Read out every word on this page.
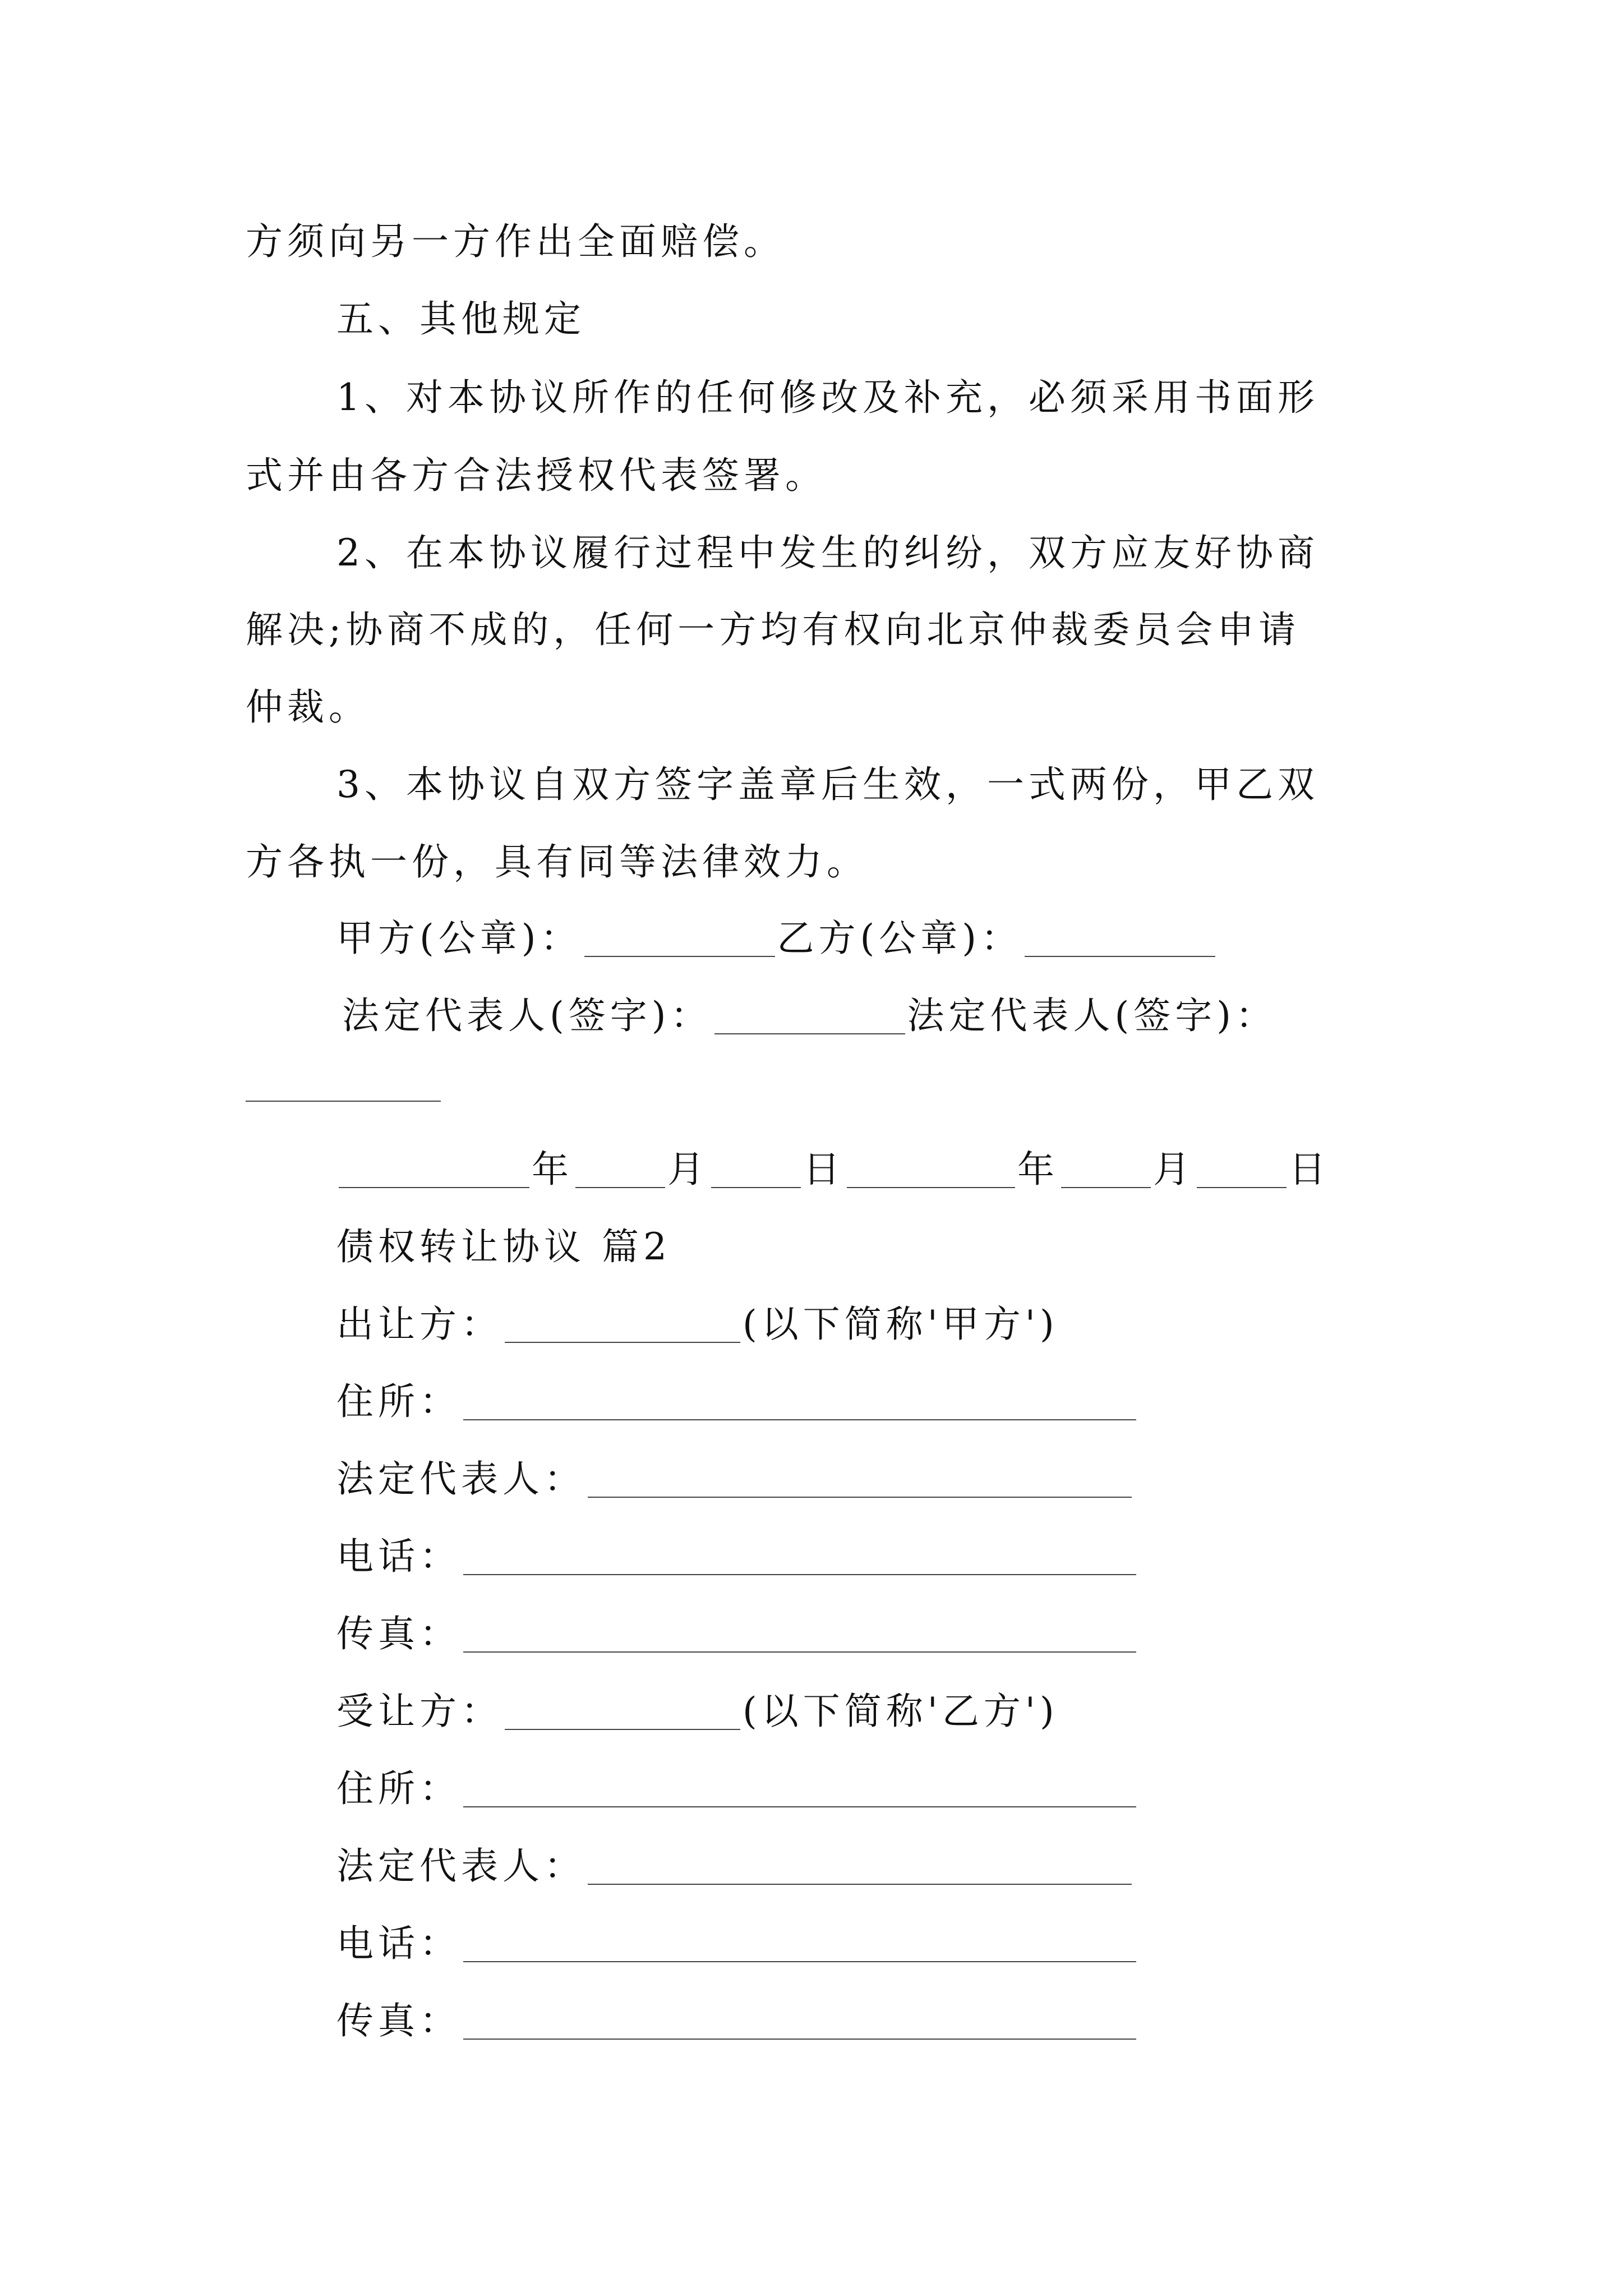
方须向另一方作出全面赔偿。
五、其他规定
1、对本协议所作的任何修改及补充，必须采用书面形
式并由各方合法授权代表签署。
2、在本协议履行过程中发生的纠纷，双方应友好协商
解决;协商不成的，任何一方均有权向北京仲裁委员会申请
仲裁。
3、本协议自双方签字盖章后生效，一式两份，甲乙双
方各执一份，具有同等法律效力。
甲方(公章)：	乙方(公章)：
法定代表人(签字)：	法定代表人(签字)：
年	月	日	年	月	日
债权转让协议 篇2
出让方：	(以下简称'甲方')
住所：
法定代表人：
电话：
传真：
受让方：	(以下简称'乙方')
住所：
法定代表人：
电话：
传真：
